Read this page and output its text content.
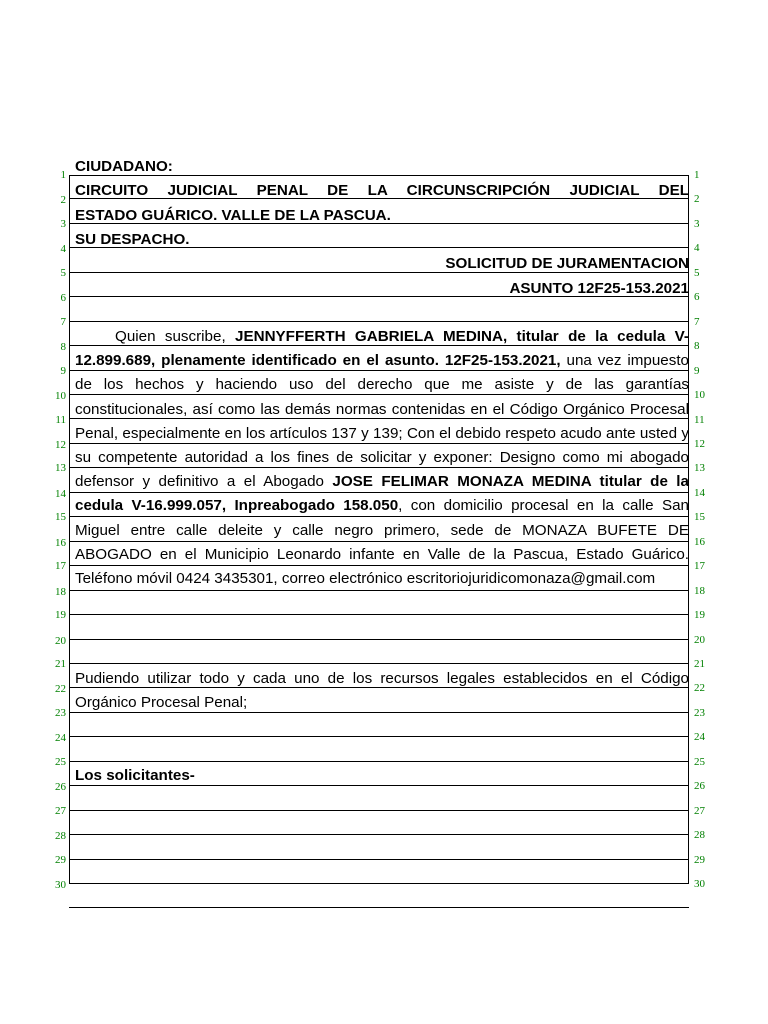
1
2
3
4
5
6
7
8
9
10
11
12
13
14
15
16
17
18
19
20
21
22
23
24
25
26
27
28
29
30
1
2
3
4
5
6
7
8
9
10
11
12
13
14
15
16
17
18
19
20
21
22
23
24
25
26
27
28
29
30

CIUDADANO:

CIRCUITO JUDICIAL PENAL DE LA CIRCUNSCRIPCIÓN JUDICIAL DEL

ESTADO GUÁRICO. VALLE DE LA PASCUA.

SU DESPACHO.

SOLICITUD DE JURAMENTACION

ASUNTO 12F25-153.2021

Quien suscribe, JENNYFFERTH GABRIELA MEDINA, titular de la cedula V-12.899.689, plenamente identificado en el asunto. 12F25-153.2021, una vez impuesto de los hechos y haciendo uso del derecho que me asiste y de las garantías constitucionales, así como las demás normas contenidas en el Código Orgánico Procesal Penal, especialmente en los artículos 137 y 139; Con el debido respeto acudo ante usted y su competente autoridad a los fines de solicitar y exponer: Designo como mi abogado defensor y definitivo a el Abogado JOSE FELIMAR MONAZA MEDINA titular de la cedula V-16.999.057, Inpreabogado 158.050, con domicilio procesal en la calle San Miguel entre calle deleite y calle negro primero, sede de MONAZA BUFETE DE ABOGADO en el Municipio Leonardo infante en Valle de la Pascua, Estado Guárico. Teléfono móvil 0424 3435301, correo electrónico escritoriojuridicomonaza@gmail.com

Pudiendo utilizar todo y cada uno de los recursos legales establecidos en el Código Orgánico Procesal Penal;

Los solicitantes-
